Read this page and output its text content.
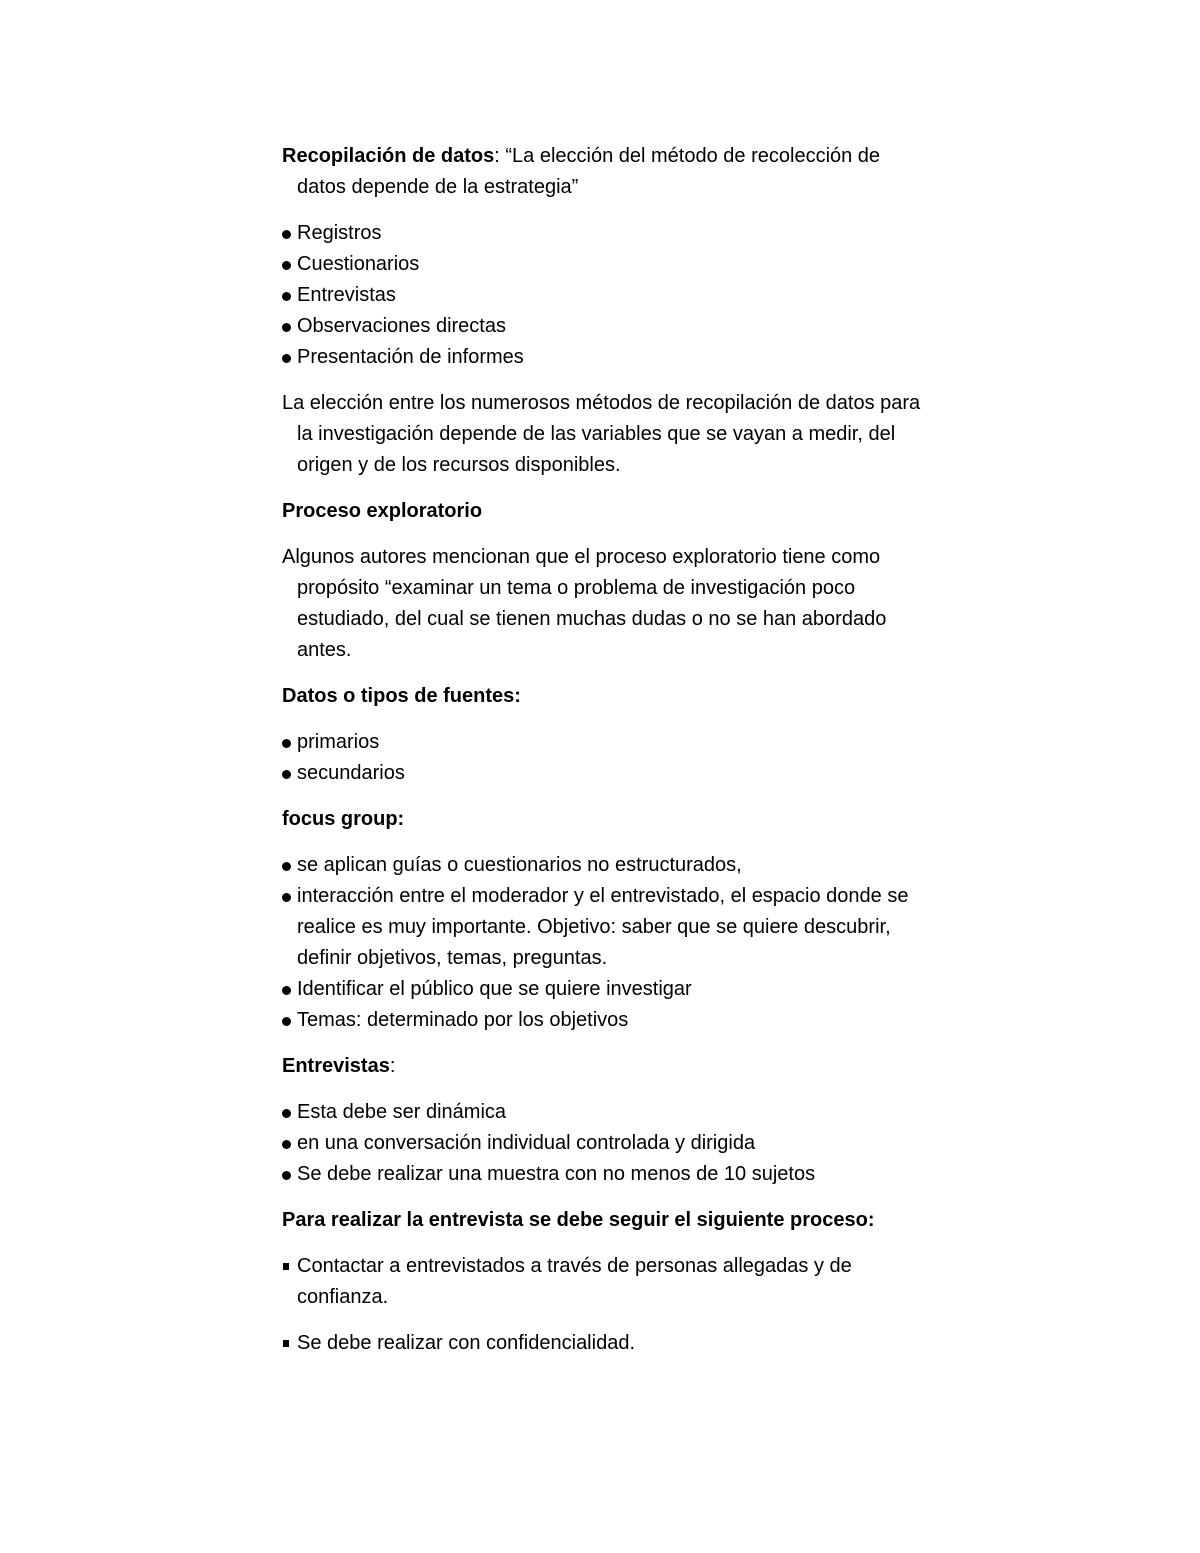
Recopilación de datos: “La elección del método de recolección de datos depende de la estrategia”

Registros
Cuestionarios
Entrevistas
Observaciones directas
Presentación de informes

La elección entre los numerosos métodos de recopilación de datos para la investigación depende de las variables que se vayan a medir, del origen y de los recursos disponibles.

Proceso exploratorio

Algunos autores mencionan que el proceso exploratorio tiene como propósito “examinar un tema o problema de investigación poco estudiado, del cual se tienen muchas dudas o no se han abordado antes.

Datos o tipos de fuentes:

primarios
secundarios

focus group:

se aplican guías o cuestionarios no estructurados,
interacción entre el moderador y el entrevistado, el espacio donde se realice es muy importante. Objetivo: saber que se quiere descubrir, definir objetivos, temas, preguntas.
Identificar el público que se quiere investigar
Temas: determinado por los objetivos

Entrevistas:

Esta debe ser dinámica
en una conversación individual controlada y dirigida
Se debe realizar una muestra con no menos de 10 sujetos

Para realizar la entrevista se debe seguir el siguiente proceso:

Contactar a entrevistados a través de personas allegadas y de confianza.
Se debe realizar con confidencialidad.
